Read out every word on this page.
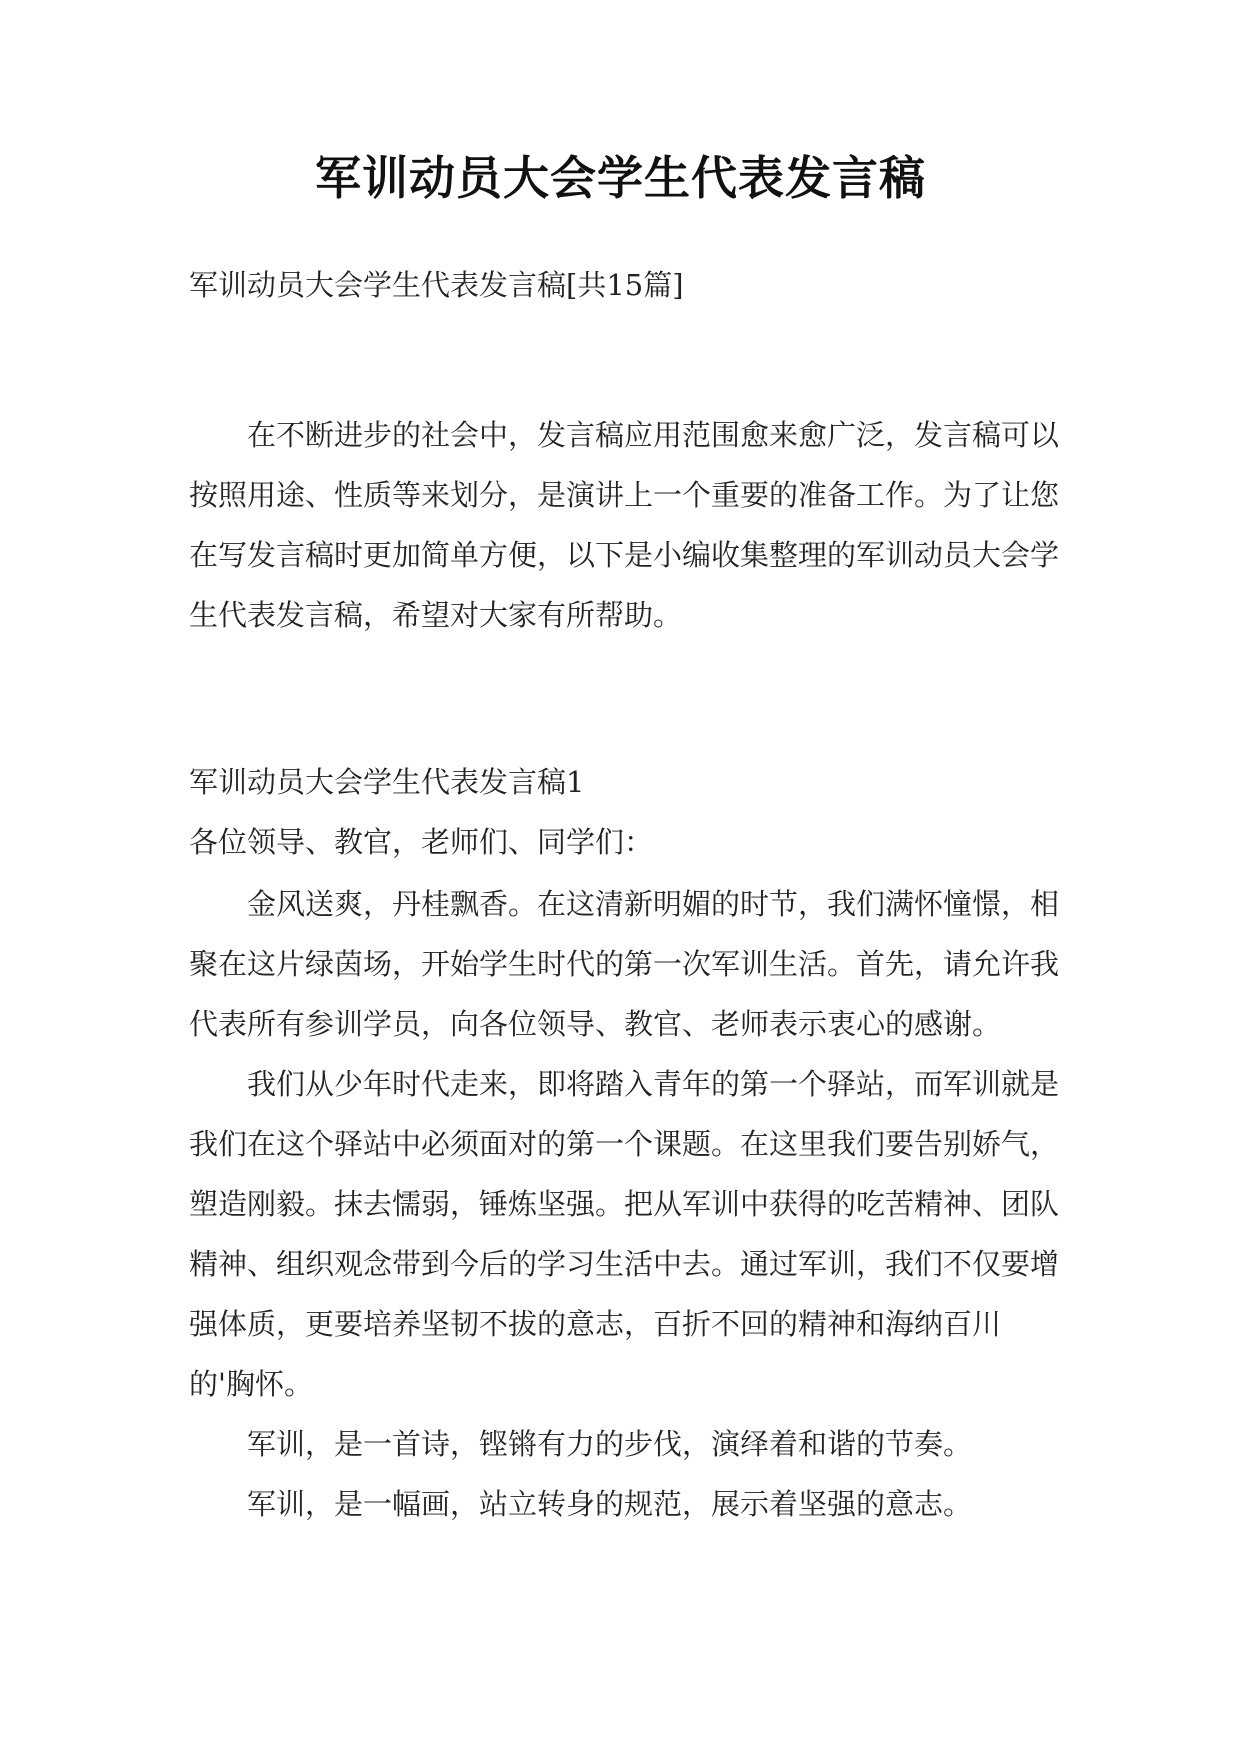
军训动员大会学生代表发言稿
军训动员大会学生代表发言稿[共15篇]

在不断进步的社会中，发言稿应用范围愈来愈广泛，发言稿可以按照用途、性质等来划分，是演讲上一个重要的准备工作。为了让您在写发言稿时更加简单方便，以下是小编收集整理的军训动员大会学生代表发言稿，希望对大家有所帮助。

军训动员大会学生代表发言稿1

各位领导、教官，老师们、同学们：

金风送爽，丹桂飘香。在这清新明媚的时节，我们满怀憧憬，相聚在这片绿茵场，开始学生时代的第一次军训生活。首先，请允许我代表所有参训学员，向各位领导、教官、老师表示衷心的感谢。

我们从少年时代走来，即将踏入青年的第一个驿站，而军训就是我们在这个驿站中必须面对的第一个课题。在这里我们要告别娇气，塑造刚毅。抹去懦弱，锤炼坚强。把从军训中获得的吃苦精神、团队精神、组织观念带到今后的学习生活中去。通过军训，我们不仅要增强体质，更要培养坚韧不拔的意志，百折不回的精神和海纳百川的'胸怀。

军训，是一首诗，铿锵有力的步伐，演绎着和谐的节奏。

军训，是一幅画，站立转身的规范，展示着坚强的意志。
